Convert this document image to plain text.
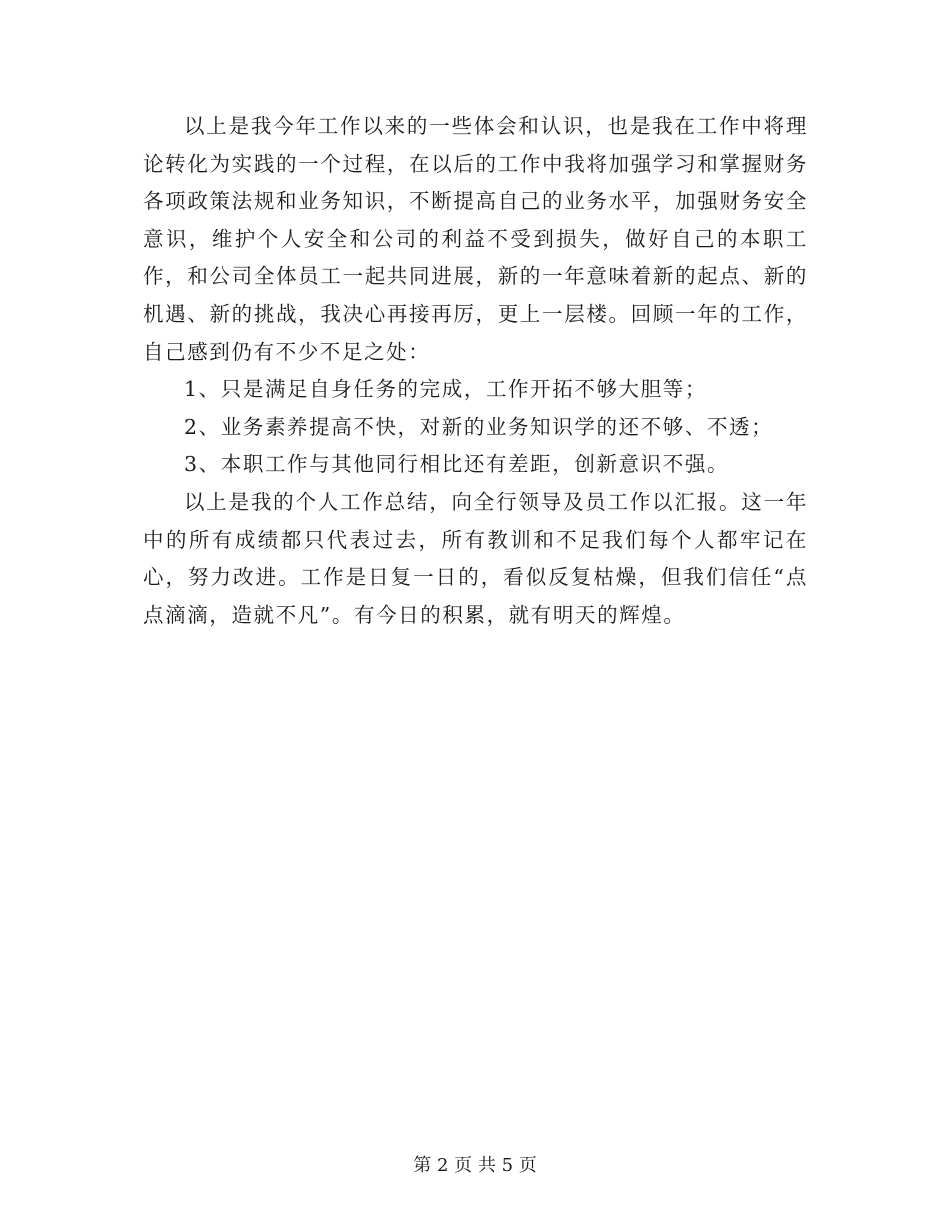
以上是我今年工作以来的一些体会和认识，也是我在工作中将理论转化为实践的一个过程，在以后的工作中我将加强学习和掌握财务各项政策法规和业务知识，不断提高自己的业务水平，加强财务安全意识，维护个人安全和公司的利益不受到损失，做好自己的本职工作，和公司全体员工一起共同进展，新的一年意味着新的起点、新的机遇、新的挑战，我决心再接再厉，更上一层楼。回顾一年的工作，自己感到仍有不少不足之处：

1、只是满足自身任务的完成，工作开拓不够大胆等；

2、业务素养提高不快，对新的业务知识学的还不够、不透；

3、本职工作与其他同行相比还有差距，创新意识不强。

以上是我的个人工作总结，向全行领导及员工作以汇报。这一年中的所有成绩都只代表过去，所有教训和不足我们每个人都牢记在心，努力改进。工作是日复一日的，看似反复枯燥，但我们信任“点点滴滴，造就不凡”。有今日的积累，就有明天的辉煌。

第 2 页 共 5 页
